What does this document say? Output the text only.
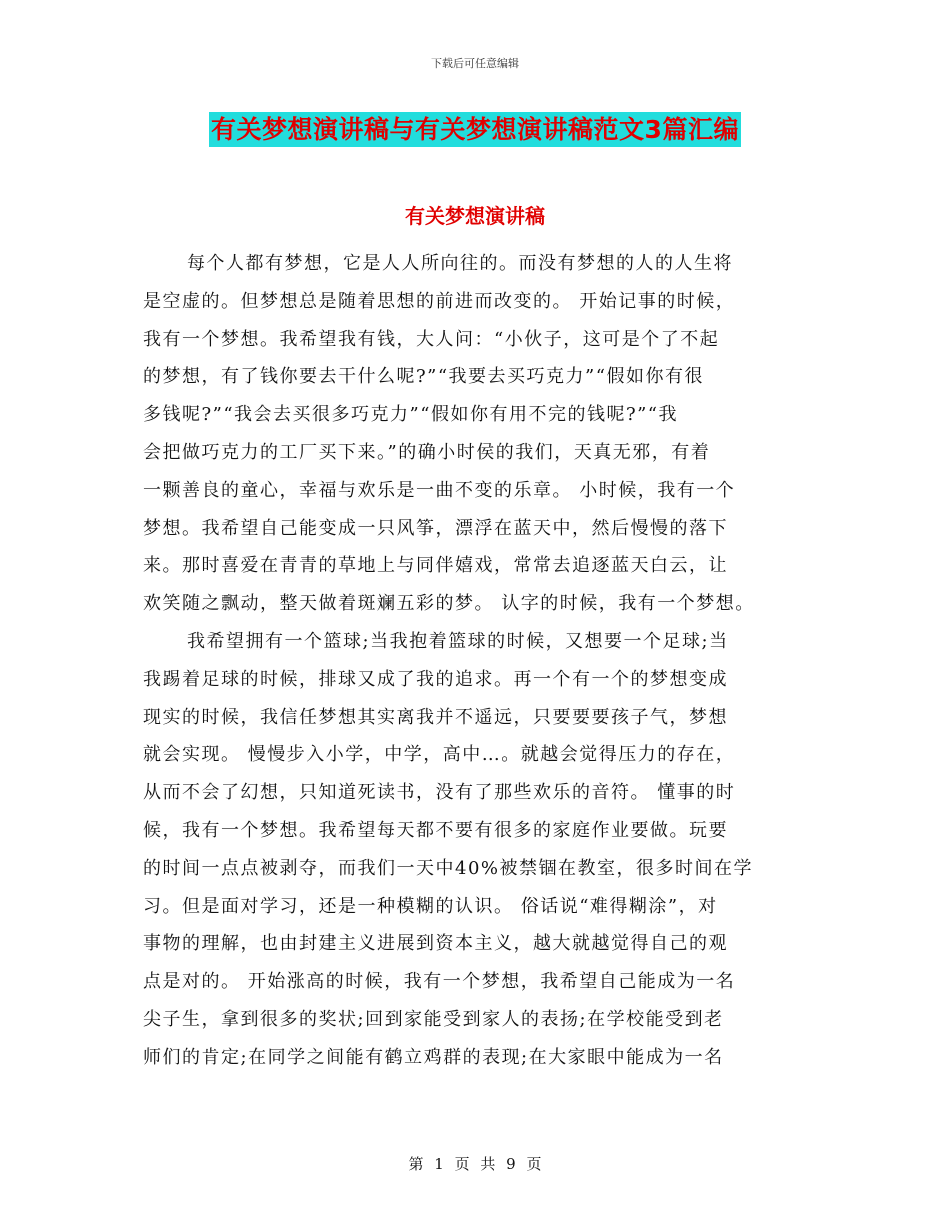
下载后可任意编辑
有关梦想演讲稿与有关梦想演讲稿范文3篇汇编
有关梦想演讲稿
每个人都有梦想，它是人人所向往的。而没有梦想的人的人生将
是空虚的。但梦想总是随着思想的前进而改变的。 开始记事的时候，
我有一个梦想。我希望我有钱，大人问：“小伙子，这可是个了不起
的梦想，有了钱你要去干什么呢?”“我要去买巧克力”“假如你有很
多钱呢?”“我会去买很多巧克力”“假如你有用不完的钱呢?”“我
会把做巧克力的工厂买下来。”的确小时侯的我们，天真无邪，有着
一颗善良的童心，幸福与欢乐是一曲不变的乐章。 小时候，我有一个
梦想。我希望自己能变成一只风筝，漂浮在蓝天中，然后慢慢的落下
来。那时喜爱在青青的草地上与同伴嬉戏，常常去追逐蓝天白云，让
欢笑随之飘动，整天做着斑斓五彩的梦。 认字的时候，我有一个梦想。
我希望拥有一个篮球;当我抱着篮球的时候，又想要一个足球;当
我踢着足球的时候，排球又成了我的追求。再一个有一个的梦想变成
现实的时候，我信任梦想其实离我并不遥远，只要要要孩子气，梦想
就会实现。 慢慢步入小学，中学，高中…。就越会觉得压力的存在，
从而不会了幻想，只知道死读书，没有了那些欢乐的音符。 懂事的时
候，我有一个梦想。我希望每天都不要有很多的家庭作业要做。玩要
的时间一点点被剥夺，而我们一天中40%被禁锢在教室，很多时间在学
习。但是面对学习，还是一种模糊的认识。 俗话说“难得糊涂”，对
事物的理解，也由封建主义进展到资本主义，越大就越觉得自己的观
点是对的。 开始涨高的时候，我有一个梦想，我希望自己能成为一名
尖子生，拿到很多的奖状;回到家能受到家人的表扬;在学校能受到老
师们的肯定;在同学之间能有鹤立鸡群的表现;在大家眼中能成为一名
第 1 页 共 9 页
